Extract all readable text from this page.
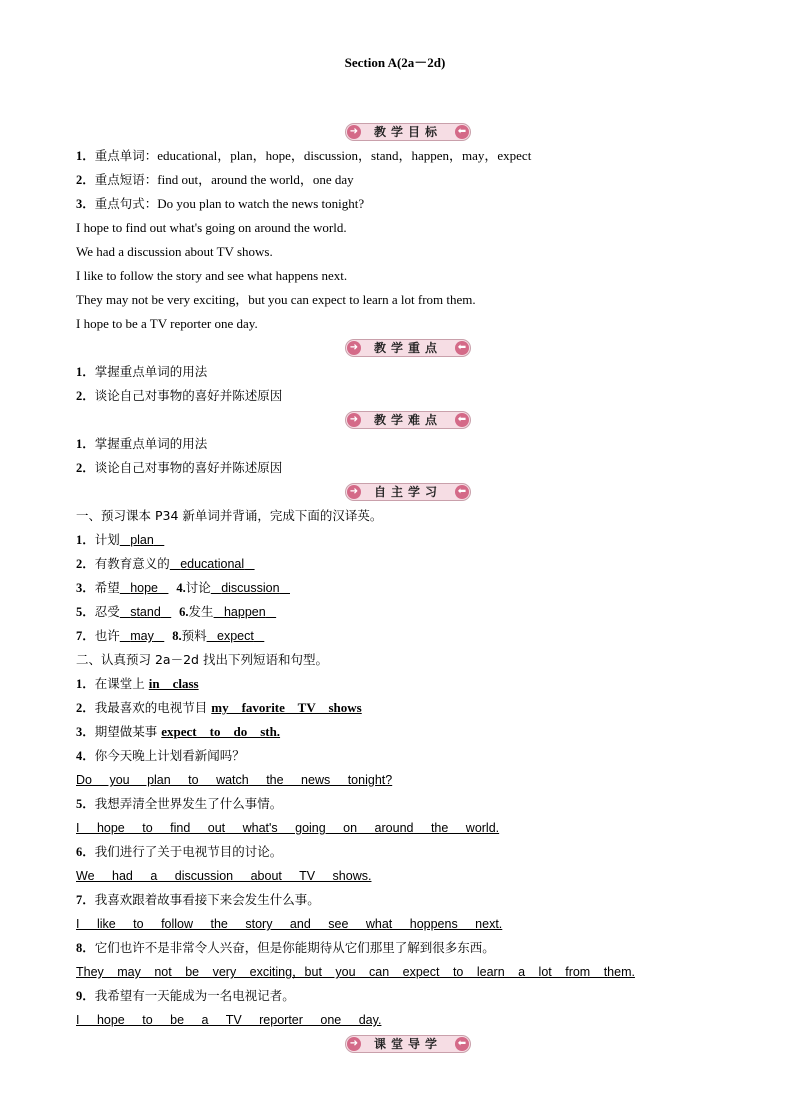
Section A(2a－2d)
➜	教学目标	⬅
1．重点单词：educational，plan，hope，discussion，stand，happen，may，expect
2．重点短语：find out，around the world，one day
3．重点句式：Do you plan to watch the news tonight?
I hope to find out what's going on around the world.
We had a discussion about TV shows.
I like to follow the story and see what happens next.
They may not be very exciting，but you can expect to learn a lot from them.
I hope to be a TV reporter one day.
➜	教学重点	⬅
1．掌握重点单词的用法
2．谈论自己对事物的喜好并陈述原因
➜	教学难点	⬅
1．掌握重点单词的用法
2．谈论自己对事物的喜好并陈述原因
➜	自主学习	⬅
一、预习课本 P34 新单词并背诵，完成下面的汉译英。
1．计划 plan
2．有教育意义的 educational
3．希望 hope 4.讨论 discussion
5．忍受 stand 6.发生 happen
7．也许 may 8.预料 expect
二、认真预习 2a－2d 找出下列短语和句型。
1．在课堂上 in    class
2．我最喜欢的电视节目 my    favorite    TV    shows
3．期望做某事 expect    to    do    sth.
4．你今天晚上计划看新闻吗？
Do you plan to watch the news tonight?
5．我想弄清全世界发生了什么事情。
I hope to find out what's going on around the world.
6．我们进行了关于电视节目的讨论。
We had a discussion about TV shows.
7．我喜欢跟着故事看接下来会发生什么事。
I like to follow the story and see what hoppens next.
8．它们也许不是非常令人兴奋，但是你能期待从它们那里了解到很多东西。
They may not be very exciting，but you can expect to learn a lot from them.
9．我希望有一天能成为一名电视记者。
I hope to be a TV reporter one day.
➜	课堂导学	⬅
